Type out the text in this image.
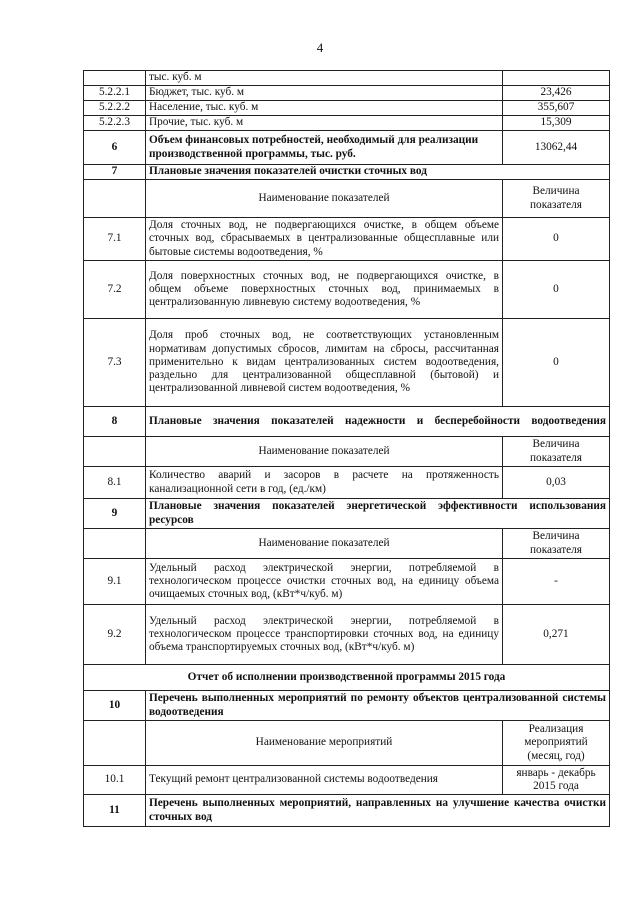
4
	тыс. куб. м	
5.2.2.1	Бюджет, тыс. куб. м	23,426
5.2.2.2	Население, тыс. куб. м	355,607
5.2.2.3	Прочие, тыс. куб. м	15,309
6	Объем финансовых потребностей, необходимый для реализации производственной программы, тыс. руб.	13062,44
7	Плановые значения показателей очистки сточных вод	
	Наименование показателей	Величина показателя
7.1	Доля сточных вод, не подвергающихся очистке, в общем объеме сточных вод, сбрасываемых в централизованные общесплавные или бытовые системы водоотведения, %	0
7.2	Доля поверхностных сточных вод, не подвергающихся очистке, в общем объеме поверхностных сточных вод, принимаемых в централизованную ливневую систему водоотведения, %	0
7.3	Доля проб сточных вод, не соответствующих установленным нормативам допустимых сбросов, лимитам на сбросы, рассчитанная применительно к видам централизованных систем водоотведения, раздельно для централизованной общесплавной (бытовой) и централизованной ливневой систем водоотведения, %	0
8	Плановые значения показателей надежности и бесперебойности водоотведения	
	Наименование показателей	Величина показателя
8.1	Количество аварий и засоров в расчете на протяженность канализационной сети в год, (ед./км)	0,03
9	Плановые значения показателей энергетической эффективности использования ресурсов	
	Наименование показателей	Величина показателя
9.1	Удельный расход электрической энергии, потребляемой в технологическом процессе очистки сточных вод, на единицу объема очищаемых сточных вод, (кВт*ч/куб. м)	-
9.2	Удельный расход электрической энергии, потребляемой в технологическом процессе транспортировки сточных вод, на единицу объема транспортируемых сточных вод, (кВт*ч/куб. м)	0,271
Отчет об исполнении производственной программы 2015 года		
10	Перечень выполненных мероприятий по ремонту объектов централизованной системы водоотведения	
	Наименование мероприятий	Реализация мероприятий (месяц, год)
10.1	Текущий ремонт централизованной системы водоотведения	январь - декабрь 2015 года
11	Перечень выполненных мероприятий, направленных на улучшение качества очистки сточных вод	
